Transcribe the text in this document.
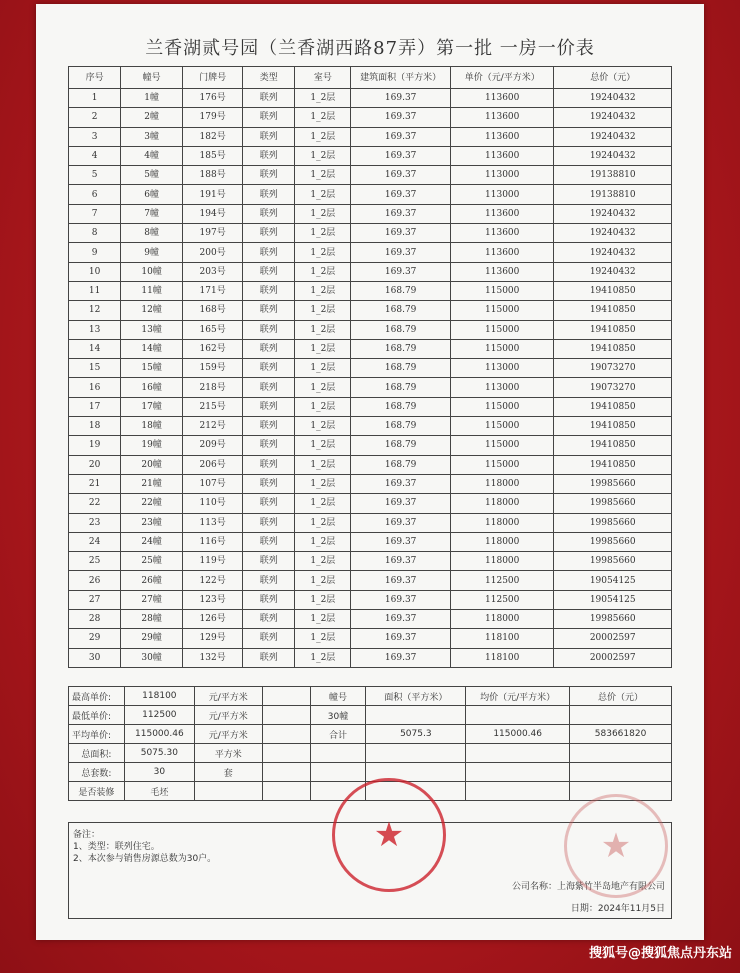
兰香湖贰号园（兰香湖西路87弄）第一批 一房一价表
序号	幢号	门牌号	类型	室号	建筑面积（平方米）	单价（元/平方米）	总价（元）
1	1幢	176号	联列	1_2层	169.37	113600	19240432
2	2幢	179号	联列	1_2层	169.37	113600	19240432
3	3幢	182号	联列	1_2层	169.37	113600	19240432
4	4幢	185号	联列	1_2层	169.37	113600	19240432
5	5幢	188号	联列	1_2层	169.37	113000	19138810
6	6幢	191号	联列	1_2层	169.37	113000	19138810
7	7幢	194号	联列	1_2层	169.37	113600	19240432
8	8幢	197号	联列	1_2层	169.37	113600	19240432
9	9幢	200号	联列	1_2层	169.37	113600	19240432
10	10幢	203号	联列	1_2层	169.37	113600	19240432
11	11幢	171号	联列	1_2层	168.79	115000	19410850
12	12幢	168号	联列	1_2层	168.79	115000	19410850
13	13幢	165号	联列	1_2层	168.79	115000	19410850
14	14幢	162号	联列	1_2层	168.79	115000	19410850
15	15幢	159号	联列	1_2层	168.79	113000	19073270
16	16幢	218号	联列	1_2层	168.79	113000	19073270
17	17幢	215号	联列	1_2层	168.79	115000	19410850
18	18幢	212号	联列	1_2层	168.79	115000	19410850
19	19幢	209号	联列	1_2层	168.79	115000	19410850
20	20幢	206号	联列	1_2层	168.79	115000	19410850
21	21幢	107号	联列	1_2层	169.37	118000	19985660
22	22幢	110号	联列	1_2层	169.37	118000	19985660
23	23幢	113号	联列	1_2层	169.37	118000	19985660
24	24幢	116号	联列	1_2层	169.37	118000	19985660
25	25幢	119号	联列	1_2层	169.37	118000	19985660
26	26幢	122号	联列	1_2层	169.37	112500	19054125
27	27幢	123号	联列	1_2层	169.37	112500	19054125
28	28幢	126号	联列	1_2层	169.37	118000	19985660
29	29幢	129号	联列	1_2层	169.37	118100	20002597
30	30幢	132号	联列	1_2层	169.37	118100	20002597
最高单价:	118100	元/平方米		幢号	面积（平方米）	均价（元/平方米）	总价（元）
最低单价:	112500	元/平方米		30幢			
平均单价:	115000.46	元/平方米		合计	5075.3	115000.46	583661820
总面积:	5075.30	平方米					
总套数:	30	套					
是否装修	毛坯						
备注：
1、类型：联列住宅。
2、本次参与销售房源总数为30户。
公司名称：上海紫竹半岛地产有限公司
日期：2024年11月5日
★	★
搜狐号@搜狐焦点丹东站
